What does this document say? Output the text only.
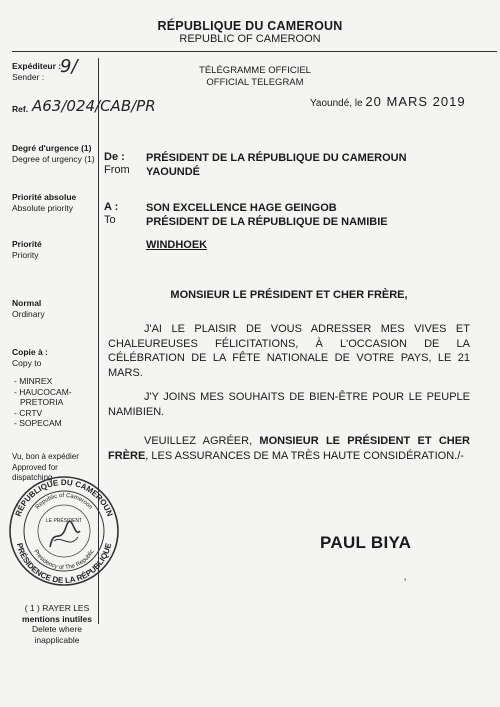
RÉPUBLIQUE DU CAMEROUN
REPUBLIC OF CAMEROON
Expéditeur :
Sender : 9/
Ref. A63/024/CAB/PR
Degré d'urgence (1)
Degree of urgency (1)
Priorité absolue
Absolute priority
Priorité
Priority
Normal
Ordinary
Copie à :
Copy to
- MINREX
- HAUCOCAM-
PRETORIA
- CRTV
- SOPECAM
Vu, bon à expédier
Approved for
dispatching
RÉPUBLIQUE DU CAMEROUN
PRÉSIDENCE DE LA RÉPUBLIQUE
Republic of Cameroon
Presidency of The Republic
LE PRÉSIDENT
( 1 ) RAYER LES
mentions inutiles
Delete where
inapplicable
TÉLÉGRAMME OFFICIEL
OFFICIAL TELEGRAM
Yaoundé, le 20 MARS 2019
De :
From
PRÉSIDENT DE LA RÉPUBLIQUE DU CAMEROUN
YAOUNDÉ
A :
To
SON EXCELLENCE HAGE GEINGOB
PRÉSIDENT DE LA RÉPUBLIQUE DE NAMIBIE
WINDHOEK
MONSIEUR LE PRÉSIDENT ET CHER FRÈRE,

J'AI LE PLAISIR DE VOUS ADRESSER MES VIVES ET CHALEUREUSES FÉLICITATIONS, À L'OCCASION DE LA CÉLÉBRATION DE LA FÊTE NATIONALE DE VOTRE PAYS, LE 21 MARS.

J'Y JOINS MES SOUHAITS DE BIEN-ÊTRE POUR LE PEUPLE NAMIBIEN.

VEUILLEZ AGRÉER, MONSIEUR LE PRÉSIDENT ET CHER FRÈRE, LES ASSURANCES DE MA TRÈS HAUTE CONSIDÉRATION./-

PAUL BIYA
ʼ
